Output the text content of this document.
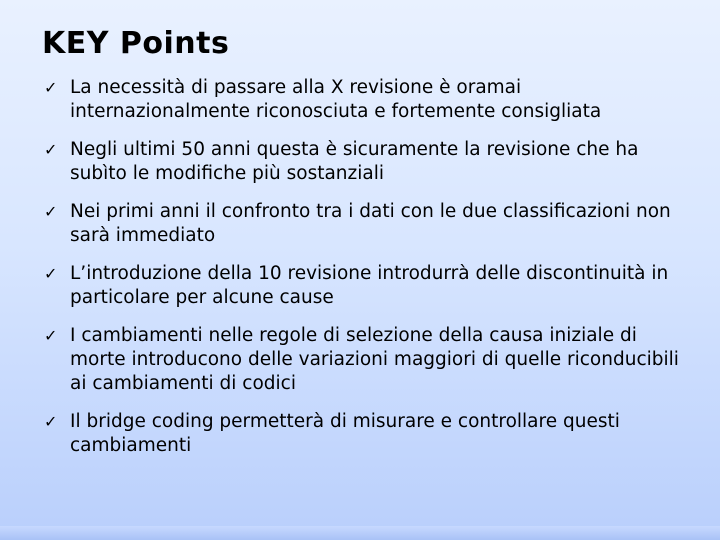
KEY Points
✓ La necessità di passare alla X revisione è oramai internazionalmente riconosciuta e fortemente consigliata
✓ Negli ultimi 50 anni questa è sicuramente la revisione che ha subìto le modifiche più sostanziali
✓ Nei primi anni il confronto tra i dati con le due classificazioni non sarà immediato
✓ L’introduzione della 10 revisione introdurrà delle discontinuità in particolare per alcune cause
✓ I cambiamenti nelle regole di selezione della causa iniziale di morte introducono delle variazioni maggiori di quelle riconducibili ai cambiamenti di codici
✓ Il bridge coding permetterà di misurare e controllare questi cambiamenti
